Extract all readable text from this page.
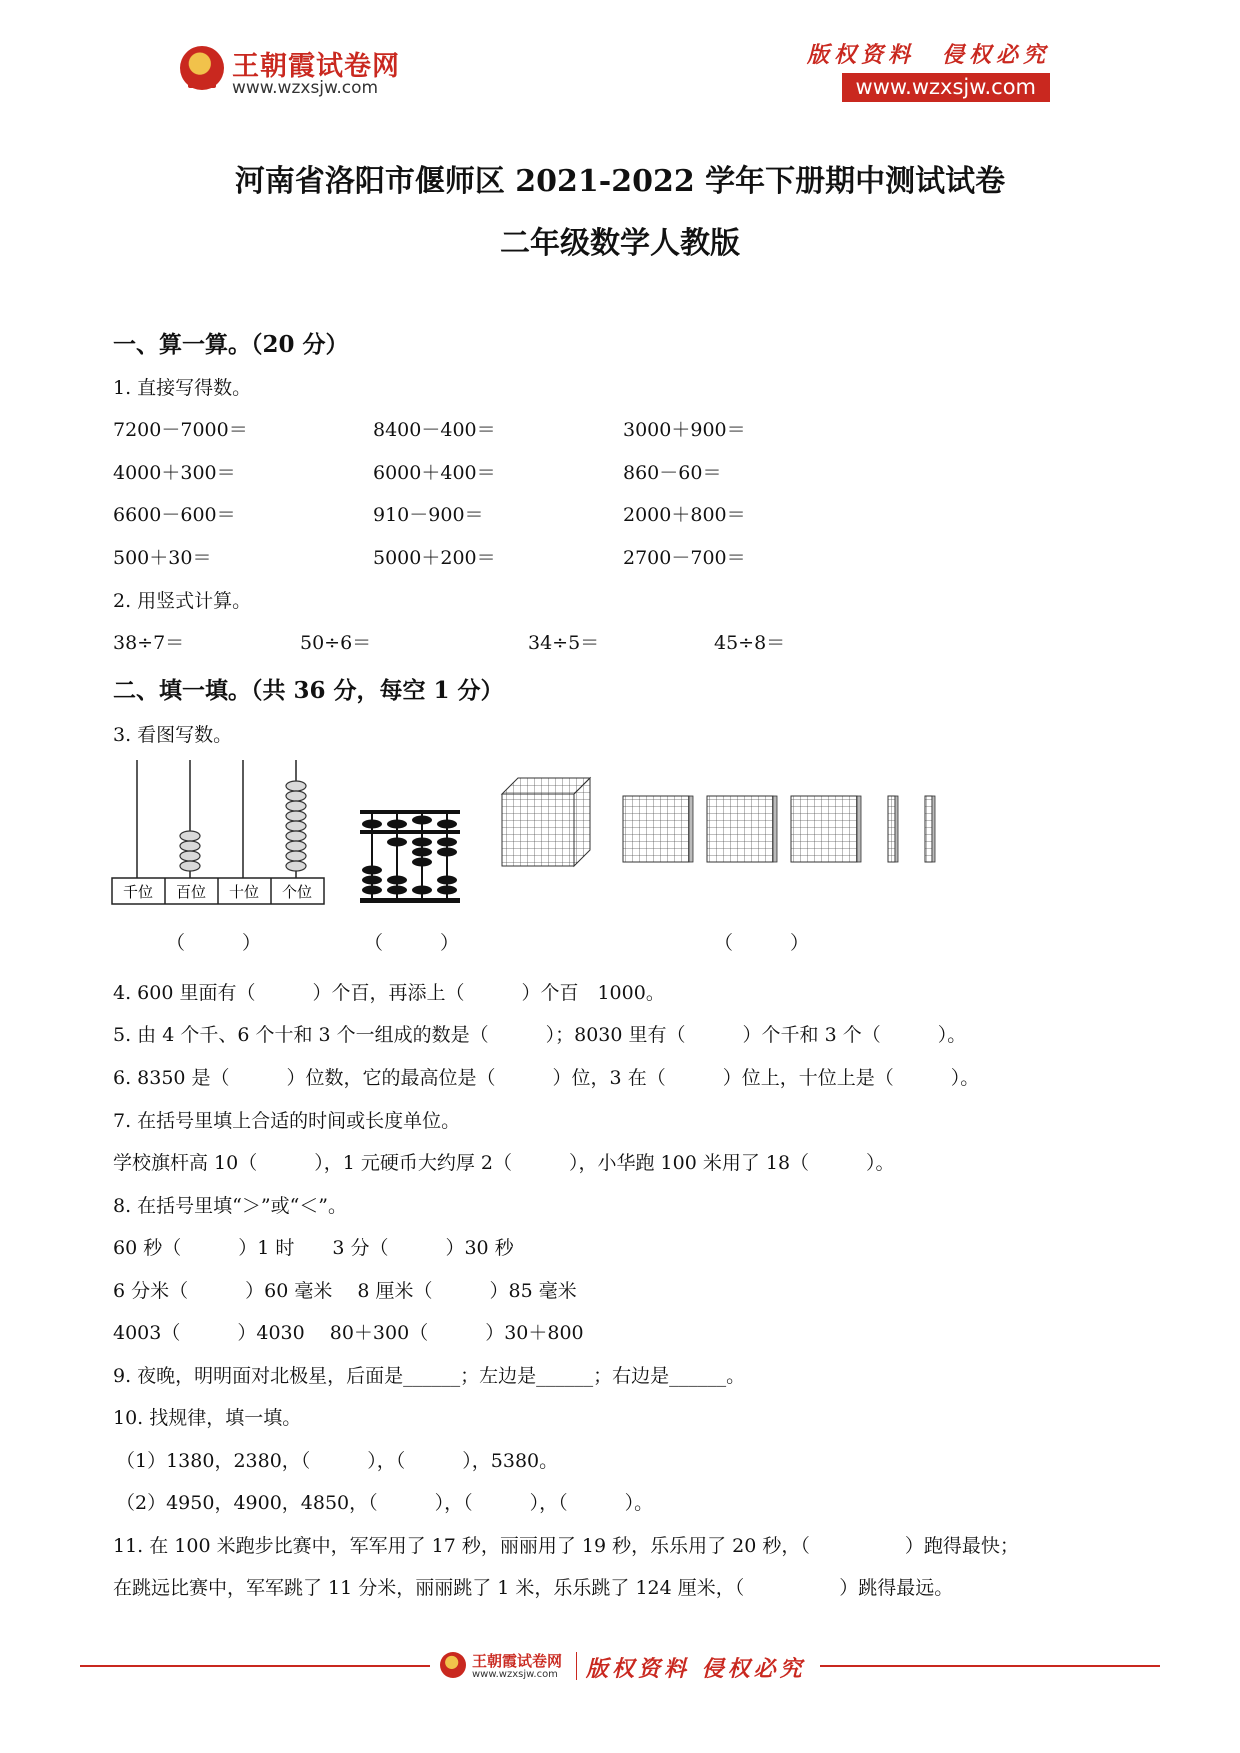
王朝霞试卷网
www.wzxsjw.com
版权资料　侵权必究
www.wzxsjw.com
河南省洛阳市偃师区 2021-2022 学年下册期中测试试卷
二年级数学人教版
一、算一算。（20 分）
1. 直接写得数。
7200－7000＝	8400－400＝	3000＋900＝
4000＋300＝	6000＋400＝	860－60＝
6600－600＝	910－900＝	2000＋800＝
500＋30＝	5000＋200＝	2700－700＝
2. 用竖式计算。
38÷7＝	50÷6＝	34÷5＝	45÷8＝
二、填一填。（共 36 分，每空 1 分）
3. 看图写数。
千位 百位 十位 个位
（　　　）	（　　　）	（　　　）
4. 600 里面有（　　　）个百，再添上（　　　）个百　1000。
5. 由 4 个千、6 个十和 3 个一组成的数是（　　　）；8030 里有（　　　）个千和 3 个（　　　）。
6. 8350 是（　　　）位数，它的最高位是（　　　）位，3 在（　　　）位上，十位上是（　　　）。
7. 在括号里填上合适的时间或长度单位。
学校旗杆高 10（　　　），1 元硬币大约厚 2（　　　），小华跑 100 米用了 18（　　　）。
8. 在括号里填“＞”或“＜”。
60 秒（　　　）1 时　　3 分（　　　）30 秒
6 分米（　　　）60 毫米　 8 厘米（　　　）85 毫米
4003（　　　）4030　 80＋300（　　　）30＋800
9. 夜晚，明明面对北极星，后面是______；左边是______；右边是______。
10. 找规律，填一填。
（1）1380，2380，（　　　），（　　　），5380。
（2）4950，4900，4850，（　　　），（　　　），（　　　）。
11. 在 100 米跑步比赛中，军军用了 17 秒，丽丽用了 19 秒，乐乐用了 20 秒，（　　　　　）跑得最快；
在跳远比赛中，军军跳了 11 分米，丽丽跳了 1 米，乐乐跳了 124 厘米，（　　　　　）跳得最远。
王朝霞试卷网
www.wzxsjw.com 版权资料 侵权必究
